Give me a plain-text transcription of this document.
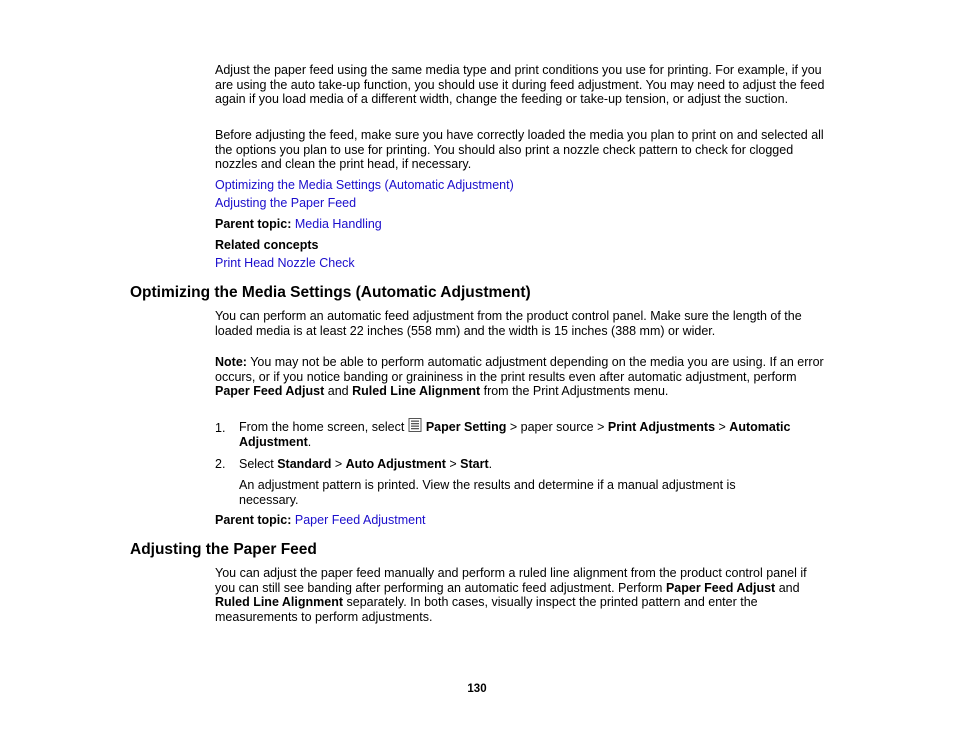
Adjust the paper feed using the same media type and print conditions you use for printing. For example, if you are using the auto take-up function, you should use it during feed adjustment. You may need to adjust the feed again if you load media of a different width, change the feeding or take-up tension, or adjust the suction.

Before adjusting the feed, make sure you have correctly loaded the media you plan to print on and selected all the options you plan to use for printing. You should also print a nozzle check pattern to check for clogged nozzles and clean the print head, if necessary.

Optimizing the Media Settings (Automatic Adjustment)
Adjusting the Paper Feed

Parent topic: Media Handling

Related concepts

Print Head Nozzle Check
Optimizing the Media Settings (Automatic Adjustment)

You can perform an automatic feed adjustment from the product control panel. Make sure the length of the loaded media is at least 22 inches (558 mm) and the width is 15 inches (388 mm) or wider.

Note: You may not be able to perform automatic adjustment depending on the media you are using. If an error occurs, or if you notice banding or graininess in the print results even after automatic adjustment, perform Paper Feed Adjust and Ruled Line Alignment from the Print Adjustments menu.

1. From the home screen, select Paper Setting > paper source > Print Adjustments > Automatic Adjustment.

2. Select Standard > Auto Adjustment > Start.

An adjustment pattern is printed. View the results and determine if a manual adjustment is necessary.

Parent topic: Paper Feed Adjustment

Adjusting the Paper Feed

You can adjust the paper feed manually and perform a ruled line alignment from the product control panel if you can still see banding after performing an automatic feed adjustment. Perform Paper Feed Adjust and Ruled Line Alignment separately. In both cases, visually inspect the printed pattern and enter the measurements to perform adjustments.

130
